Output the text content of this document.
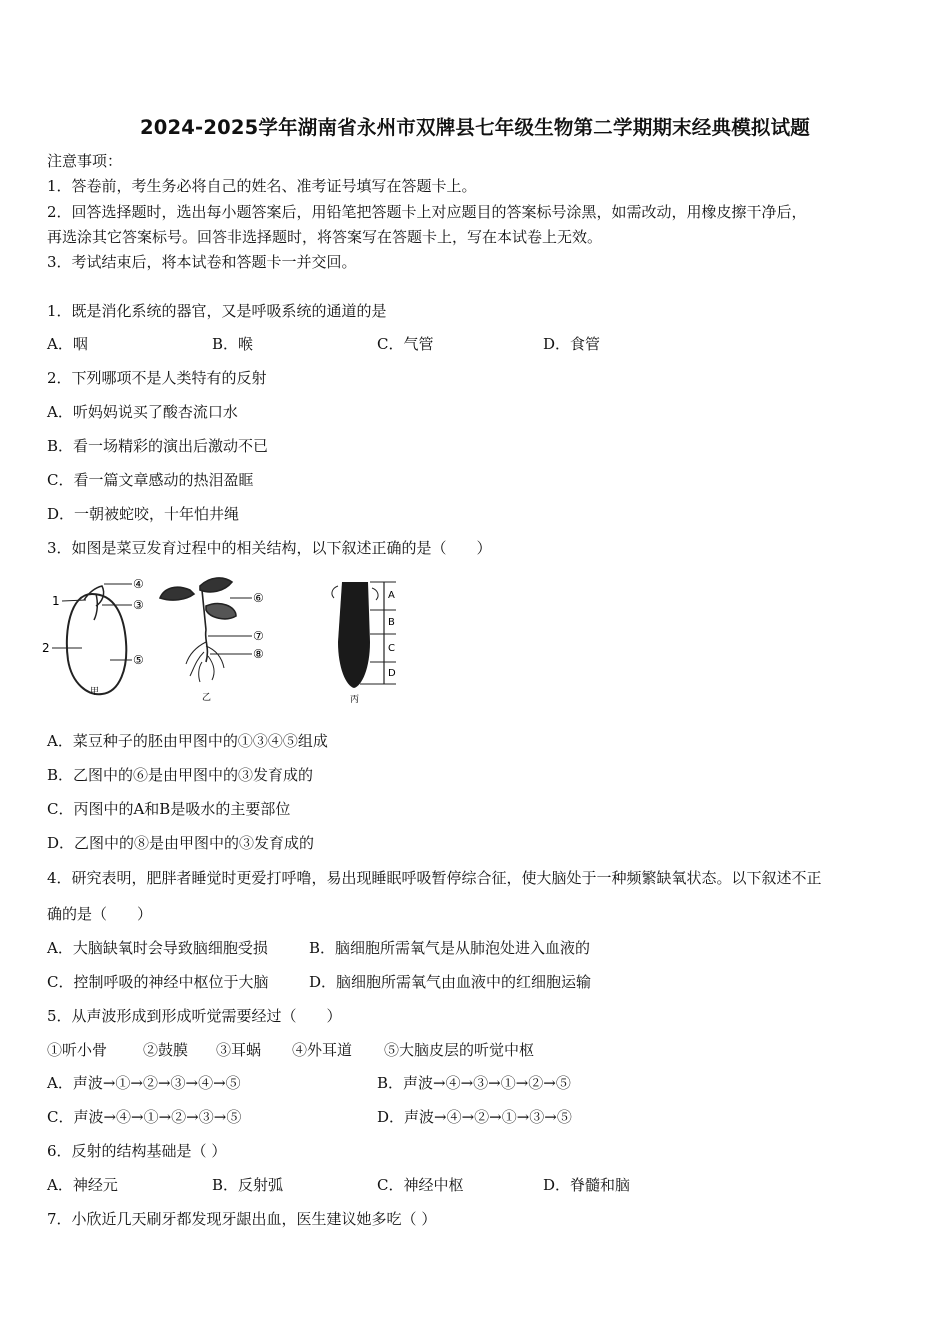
2024-2025学年湖南省永州市双牌县七年级生物第二学期期末经典模拟试题
注意事项：
1．答卷前，考生务必将自己的姓名、准考证号填写在答题卡上。
2．回答选择题时，选出每小题答案后，用铅笔把答题卡上对应题目的答案标号涂黑，如需改动，用橡皮擦干净后，
再选涂其它答案标号。回答非选择题时，将答案写在答题卡上，写在本试卷上无效。
3．考试结束后，将本试卷和答题卡一并交回。
1．既是消化系统的器官，又是呼吸系统的通道的是
A．咽	B．喉	C．气管	D．食管
2．下列哪项不是人类特有的反射
A．听妈妈说买了酸杏流口水
B．看一场精彩的演出后激动不已
C．看一篇文章感动的热泪盈眶
D．一朝被蛇咬，十年怕井绳
3．如图是菜豆发育过程中的相关结构，以下叙述正确的是（　　）
1
④
③
2
⑤
甲
⑥
⑦
⑧
乙
A
B
C
D
丙
A．菜豆种子的胚由甲图中的①③④⑤组成
B．乙图中的⑥是由甲图中的③发育成的
C．丙图中的A和B是吸水的主要部位
D．乙图中的⑧是由甲图中的③发育成的
4．研究表明，肥胖者睡觉时更爱打呼噜，易出现睡眠呼吸暂停综合征，使大脑处于一种频繁缺氧状态。以下叙述不正
确的是（　　）
A．大脑缺氧时会导致脑细胞受损	B．脑细胞所需氧气是从肺泡处进入血液的
C．控制呼吸的神经中枢位于大脑	D．脑细胞所需氧气由血液中的红细胞运输
5．从声波形成到形成听觉需要经过（　　）
①听小骨 ②鼓膜 ③耳蜗 ④外耳道 ⑤大脑皮层的听觉中枢
A．声波→①→②→③→④→⑤	B．声波→④→③→①→②→⑤
C．声波→④→①→②→③→⑤	D．声波→④→②→①→③→⑤
6．反射的结构基础是（ ）
A．神经元	B．反射弧	C．神经中枢	D．脊髓和脑
7．小欣近几天刷牙都发现牙龈出血，医生建议她多吃（ ）
